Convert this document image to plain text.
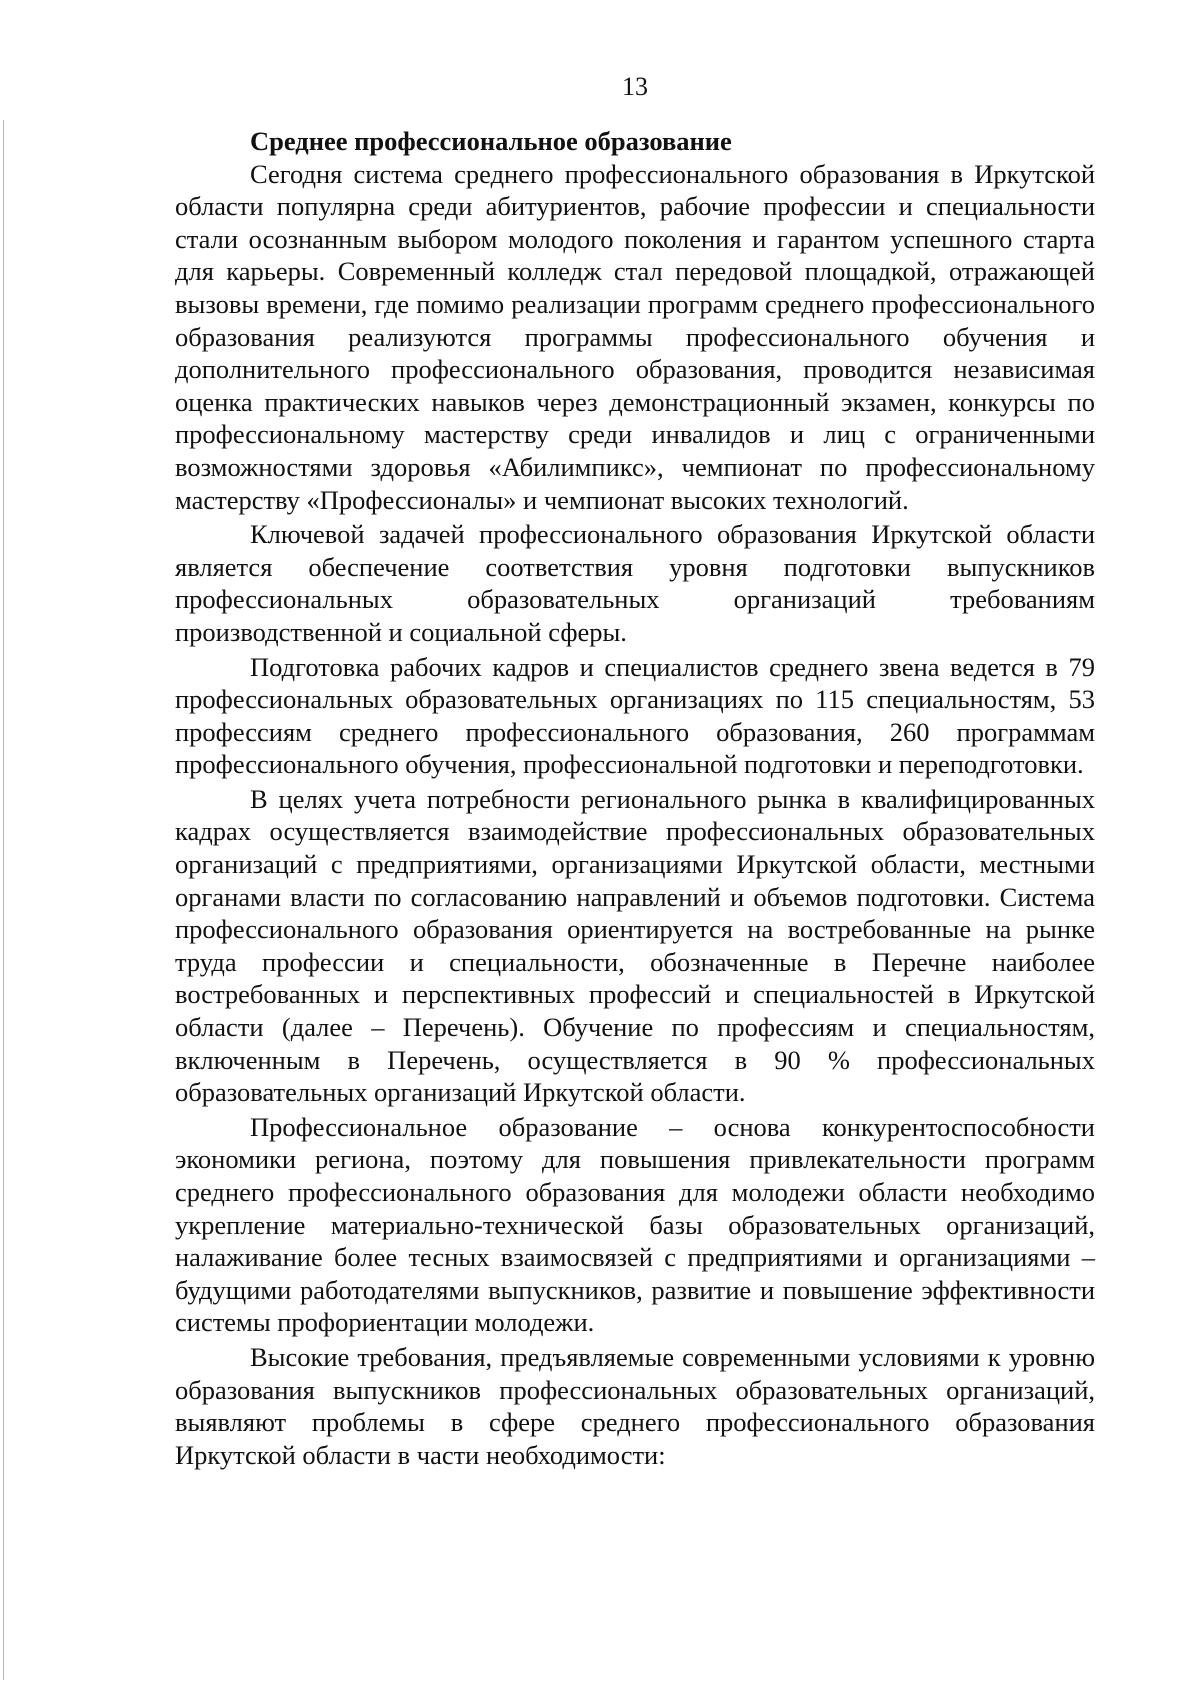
13

Среднее профессиональное образование

Сегодня система среднего профессионального образования в Иркутской области популярна среди абитуриентов, рабочие профессии и специальности стали осознанным выбором молодого поколения и гарантом успешного старта для карьеры. Современный колледж стал передовой площадкой, отражающей вызовы времени, где помимо реализации программ среднего профессионального образования реализуются программы профессионального обучения и дополнительного профессионального образования, проводится независимая оценка практических навыков через демонстрационный экзамен, конкурсы по профессиональному мастерству среди инвалидов и лиц с ограниченными возможностями здоровья «Абилимпикс», чемпионат по профессиональному мастерству «Профессионалы» и чемпионат высоких технологий.

Ключевой задачей профессионального образования Иркутской области является обеспечение соответствия уровня подготовки выпускников профессиональных образовательных организаций требованиям производственной и социальной сферы.

Подготовка рабочих кадров и специалистов среднего звена ведется в 79 профессиональных образовательных организациях по 115 специальностям, 53 профессиям среднего профессионального образования, 260 программам профессионального обучения, профессиональной подготовки и переподготовки.

В целях учета потребности регионального рынка в квалифицированных кадрах осуществляется взаимодействие профессиональных образовательных организаций с предприятиями, организациями Иркутской области, местными органами власти по согласованию направлений и объемов подготовки. Система профессионального образования ориентируется на востребованные на рынке труда профессии и специальности, обозначенные в Перечне наиболее востребованных и перспективных профессий и специальностей в Иркутской области (далее – Перечень). Обучение по профессиям и специальностям, включенным в Перечень, осуществляется в 90 % профессиональных образовательных организаций Иркутской области.

Профессиональное образование – основа конкурентоспособности экономики региона, поэтому для повышения привлекательности программ среднего профессионального образования для молодежи области необходимо укрепление материально-технической базы образовательных организаций, налаживание более тесных взаимосвязей с предприятиями и организациями – будущими работодателями выпускников, развитие и повышение эффективности системы профориентации молодежи.

Высокие требования, предъявляемые современными условиями к уровню образования выпускников профессиональных образовательных организаций, выявляют проблемы в сфере среднего профессионального образования Иркутской области в части необходимости:
